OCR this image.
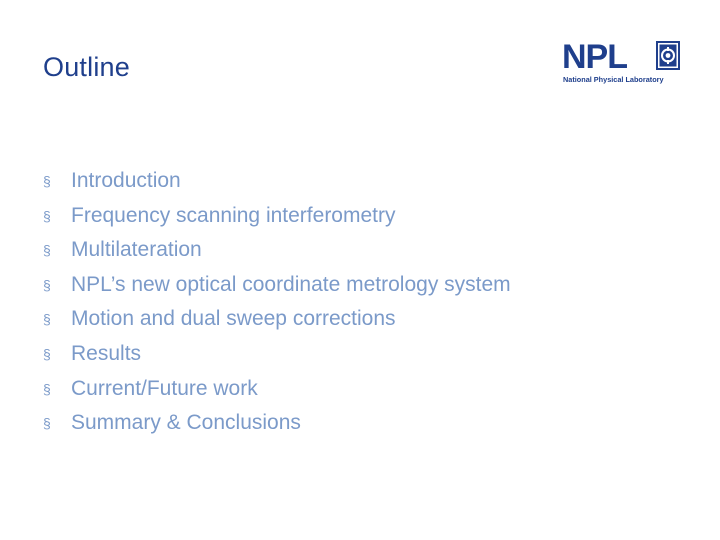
Outline	NPL
National Physical Laboratory
§ Introduction
§ Frequency scanning interferometry
§ Multilateration
§ NPL’s new optical coordinate metrology system
§ Motion and dual sweep corrections
§ Results
§ Current/Future work
§ Summary & Conclusions
